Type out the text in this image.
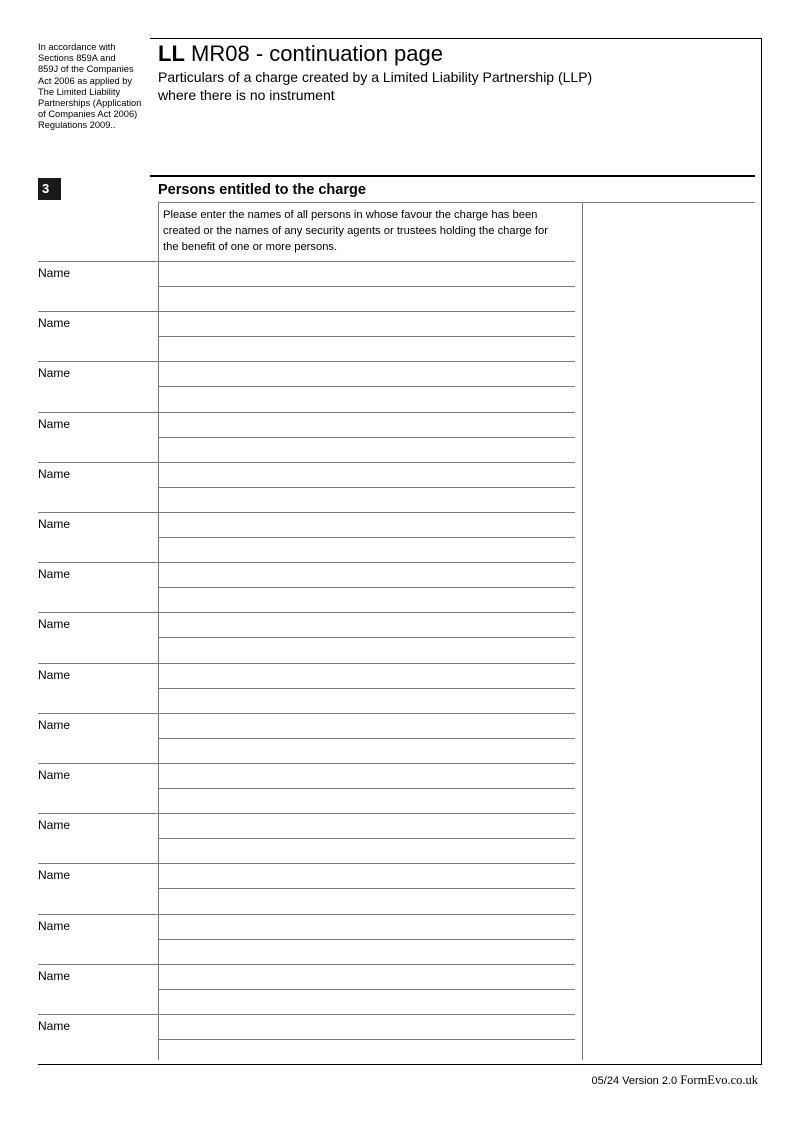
In accordance with
Sections 859A and
859J of the Companies
Act 2006 as applied by
The Limited Liability
Partnerships (Application
of Companies Act 2006)
Regulations 2009..
LL MR08 - continuation page
Particulars of a charge created by a Limited Liability Partnership (LLP)
where there is no instrument
3	Persons entitled to the charge
Please enter the names of all persons in whose favour the charge has been
created or the names of any security agents or trustees holding the charge for
the benefit of one or more persons.
Name
Name
Name
Name
Name
Name
Name
Name
Name
Name
Name
Name
Name
Name
Name
Name
05/24 Version 2.0 FormEvo.co.uk
